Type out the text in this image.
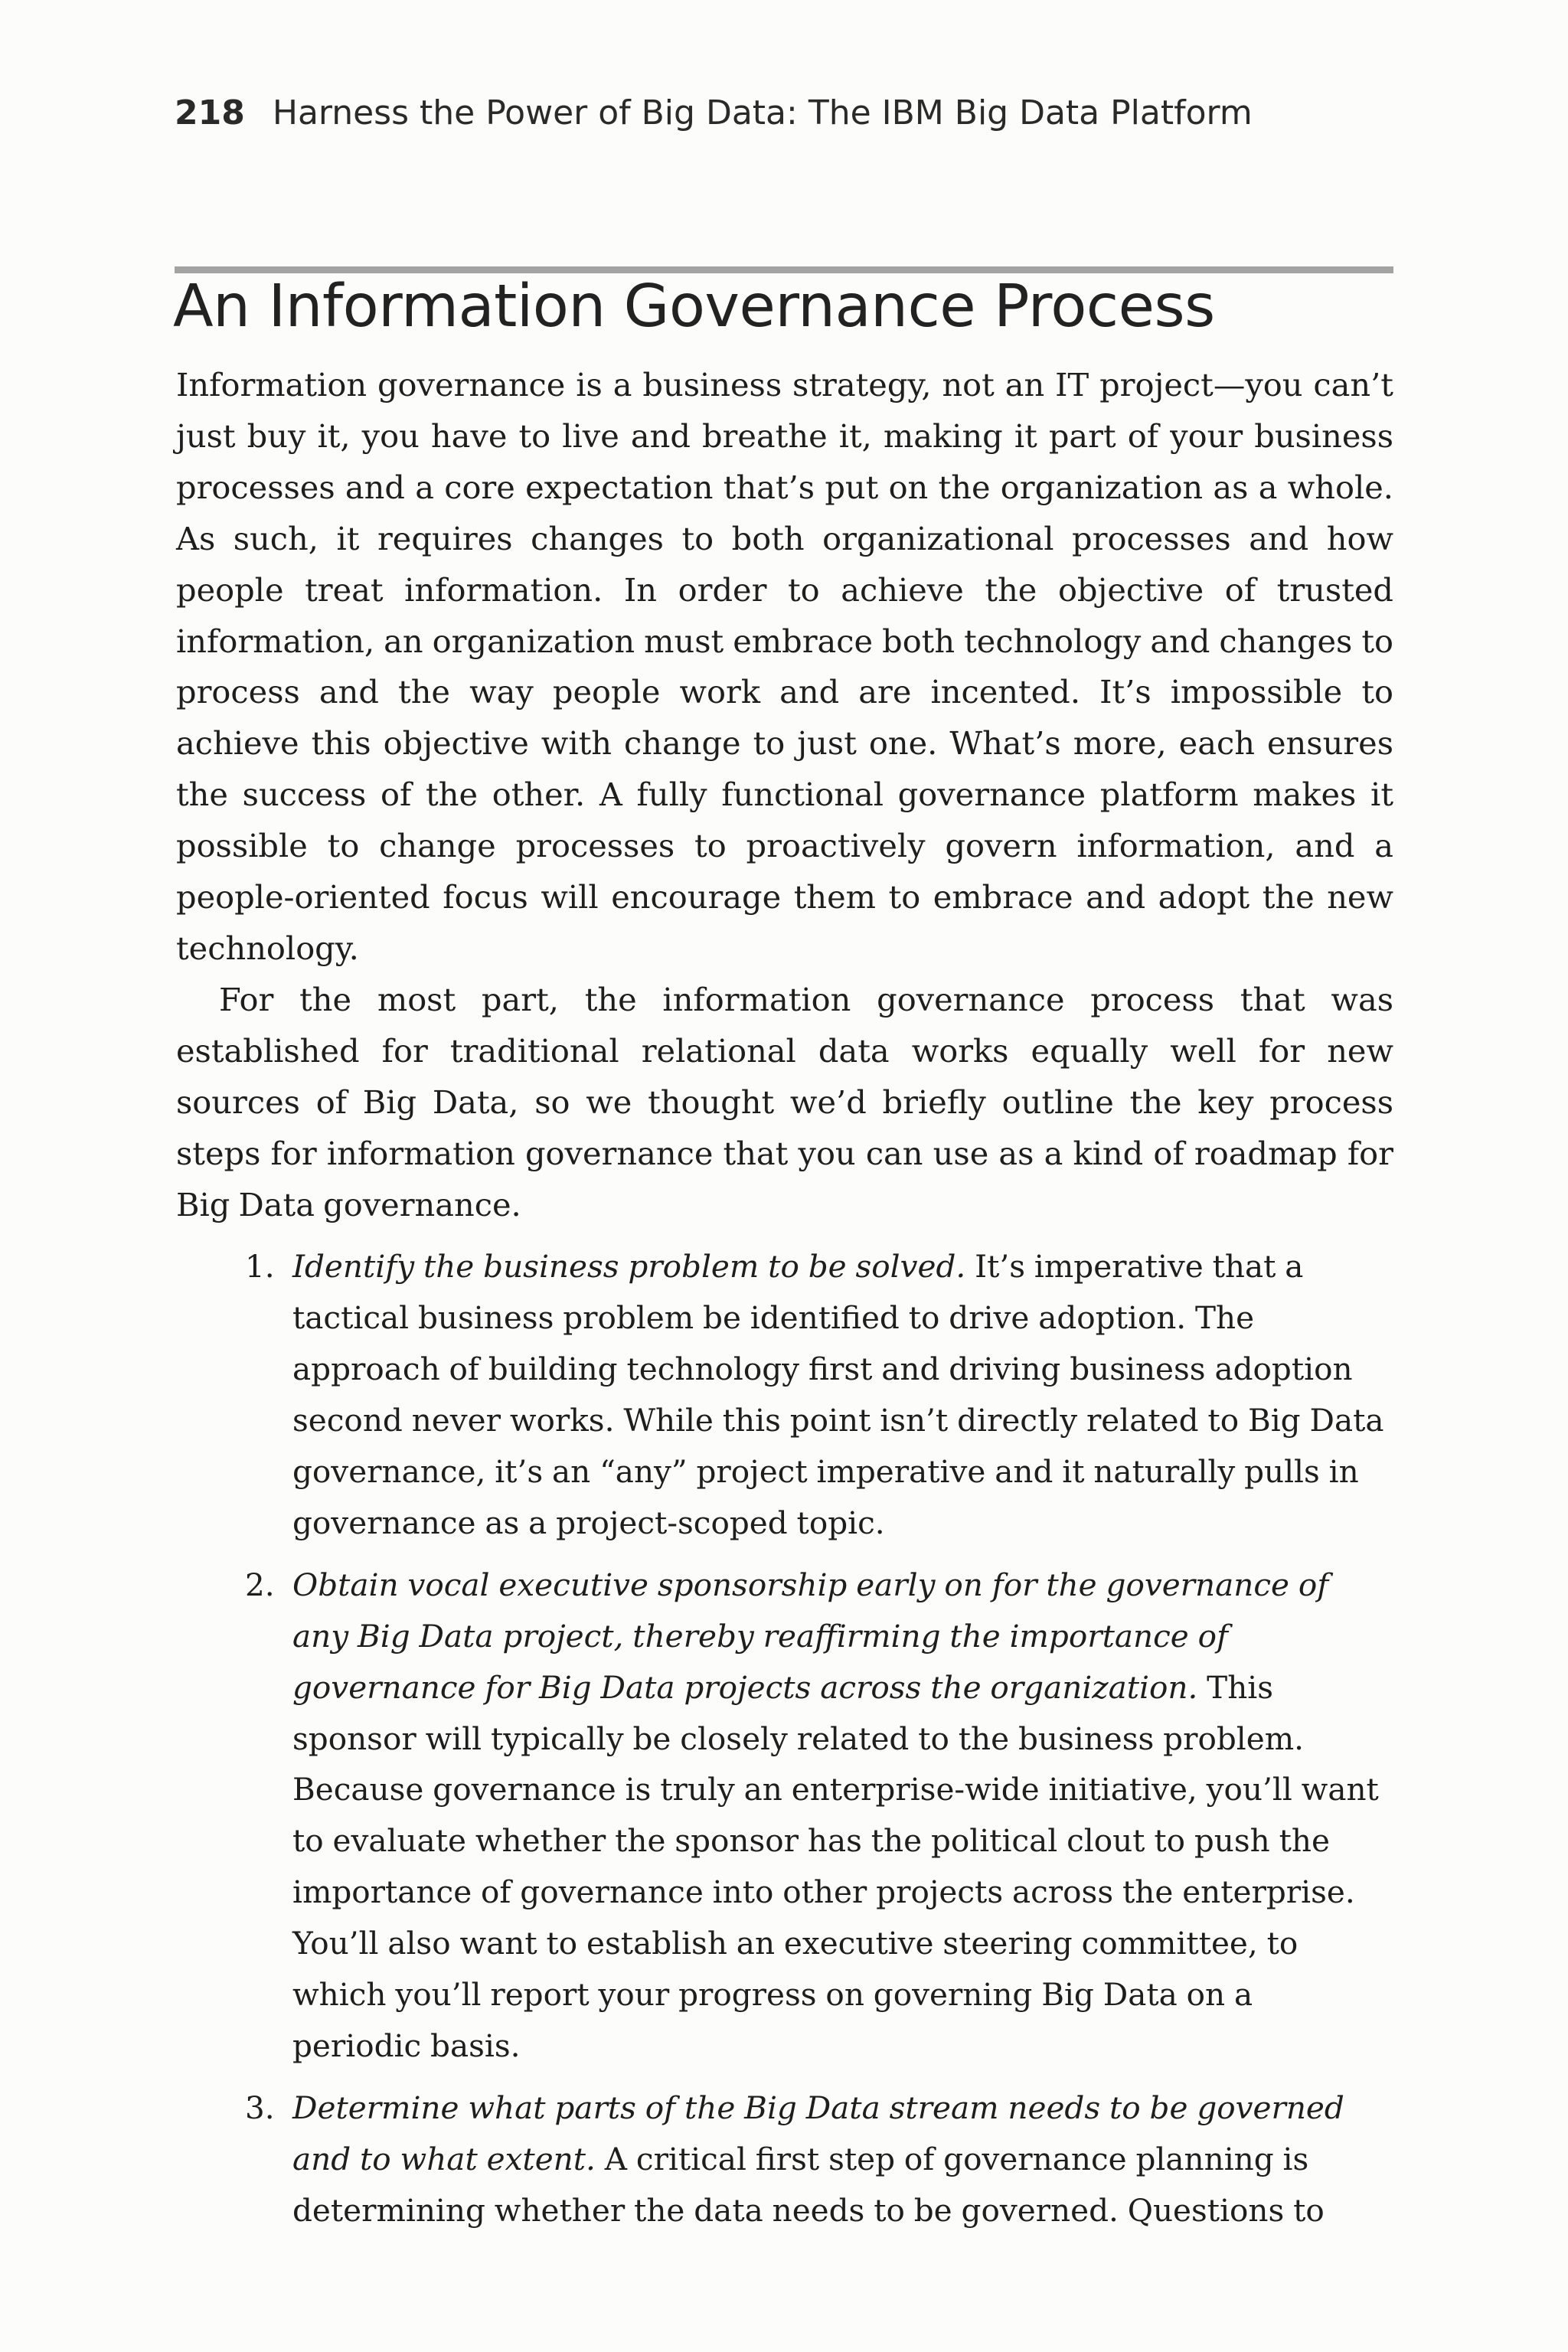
218 Harness the Power of Big Data: The IBM Big Data Platform
An Information Governance Process

Information governance is a business strategy, not an IT project—you can’t just buy it, you have to live and breathe it, making it part of your business processes and a core expectation that’s put on the organization as a whole. As such, it requires changes to both organizational processes and how people treat information. In order to achieve the objective of trusted information, an organization must embrace both technology and changes to process and the way people work and are incented. It’s impossible to achieve this objective with change to just one. What’s more, each ensures the success of the other. A fully functional governance platform makes it possible to change processes to proactively govern information, and a people-oriented focus will encourage them to embrace and adopt the new technology.

For the most part, the information governance process that was established for traditional relational data works equally well for new sources of Big Data, so we thought we’d briefly outline the key process steps for information governance that you can use as a kind of roadmap for Big Data governance.

1. Identify the business problem to be solved. It’s imperative that a tactical business problem be identified to drive adoption. The approach of building technology first and driving business adoption second never works. While this point isn’t directly related to Big Data governance, it’s an “any” project imperative and it naturally pulls in governance as a project-scoped topic.
2. Obtain vocal executive sponsorship early on for the governance of any Big Data project, thereby reaffirming the importance of governance for Big Data projects across the organization. This sponsor will typically be closely related to the business problem. Because governance is truly an enterprise-wide initiative, you’ll want to evaluate whether the sponsor has the political clout to push the importance of governance into other projects across the enterprise. You’ll also want to establish an executive steering committee, to which you’ll report your progress on governing Big Data on a periodic basis.
3. Determine what parts of the Big Data stream needs to be governed and to what extent. A critical first step of governance planning is determining whether the data needs to be governed. Questions to
